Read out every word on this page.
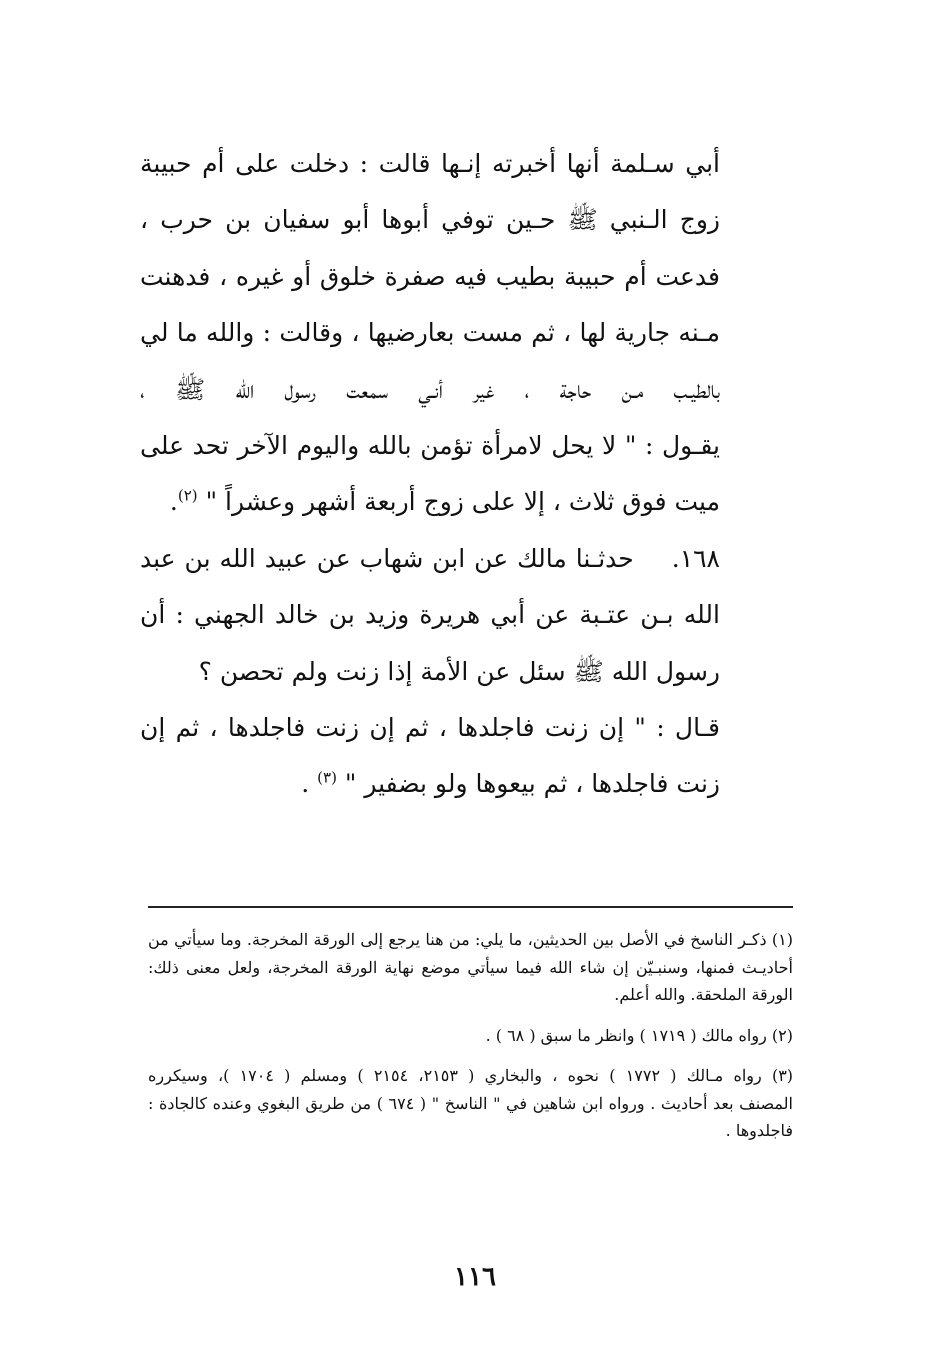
أبي سـلمة أنها أخبرته إنـها قالت : دخلت على أم حبيبة
زوج الـنبي ﷺ حـين توفي أبوها أبو سفيان بن حرب ،
فدعت أم حبيبة بطيب فيه صفرة خلوق أو غيره ، فدهنت
مـنه جارية لها ، ثم مست بعارضيها ، وقالت : والله ما لي
بالطيـب مـن حاجة ، غير أنـي سمعت رسول الله ﷺ ،
يقـول : " لا يحل لامرأة تؤمن بالله واليوم الآخر تحد على
ميت فوق ثلاث ، إلا على زوج أربعة أشهر وعشراً " $^{(٢)}$.
١٦٨.حدثـنا مالك عن ابن شهاب عن عبيد الله بن عبد
الله بـن عتـبة عن أبي هريرة وزيد بن خالد الجهني : أن
رسول الله ﷺ سئل عن الأمة إذا زنت ولم تحصن ؟
قـال : " إن زنت فاجلدها ، ثم إن زنت فاجلدها ، ثم إن
زنت فاجلدها ، ثم بيعوها ولو بضفير " $^{(٣)}$ .
(١) ذكـر الناسخ في الأصل بين الحديثين، ما يلي: من هنا يرجع إلى الورقة المخرجة. وما سيأتي من
أحاديـث فمنها، وسنبـيّن إن شاء الله فيما سيأتي موضع نهاية الورقة المخرجة، ولعل معنى ذلك:
الورقة الملحقة. والله أعلم.
(٢) رواه مالك ( ١٧١٩ ) وانظر ما سبق ( ٦٨ ) .
(٣) رواه مـالك ( ١٧٧٢ ) نحوه ، والبخاري ( ٢١٥٣، ٢١٥٤ ) ومسلم ( ١٧٠٤ )، وسيكرره
المصنف بعد أحاديث . ورواه ابن شاهين في " الناسخ " ( ٦٧٤ ) من طريق البغوي وعنده كالجادة :
فاجلدوها .
١١٦
